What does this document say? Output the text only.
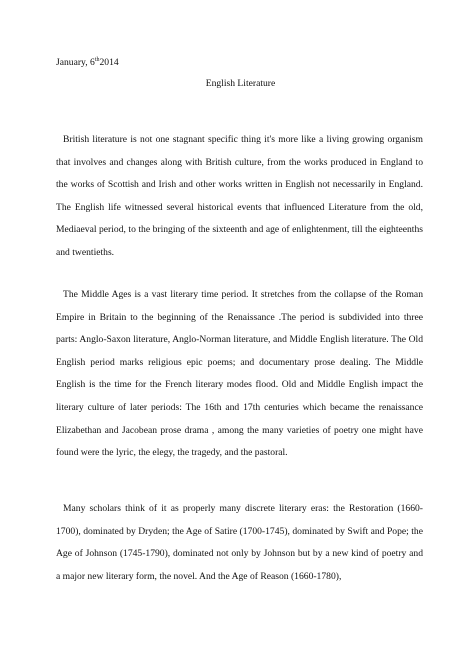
January, 6th2014
English Literature

British literature is not one stagnant specific thing it's more like a living growing organism that involves and changes along with British culture, from the works produced in England to the works of Scottish and Irish and other works written in English not necessarily in England. The English life witnessed several historical events that influenced Literature from the old, Mediaeval period, to the bringing of the sixteenth and age of enlightenment, till the eighteenths and twentieths.

The Middle Ages is a vast literary time period. It stretches from the collapse of the Roman Empire in Britain to the beginning of the Renaissance .The period is subdivided into three parts: Anglo-Saxon literature, Anglo-Norman literature, and Middle English literature. The Old English period marks religious epic poems; and documentary prose dealing. The Middle English is the time for the French literary modes flood. Old and Middle English impact the literary culture of later periods: The 16th and 17th centuries which became the renaissance Elizabethan and Jacobean prose drama , among the many varieties of poetry one might have found were the lyric, the elegy, the tragedy, and the pastoral.

Many scholars think of it as properly many discrete literary eras: the Restoration (1660-1700), dominated by Dryden; the Age of Satire (1700-1745), dominated by Swift and Pope; the Age of Johnson (1745-1790), dominated not only by Johnson but by a new kind of poetry and a major new literary form, the novel. And the Age of Reason (1660-1780),
